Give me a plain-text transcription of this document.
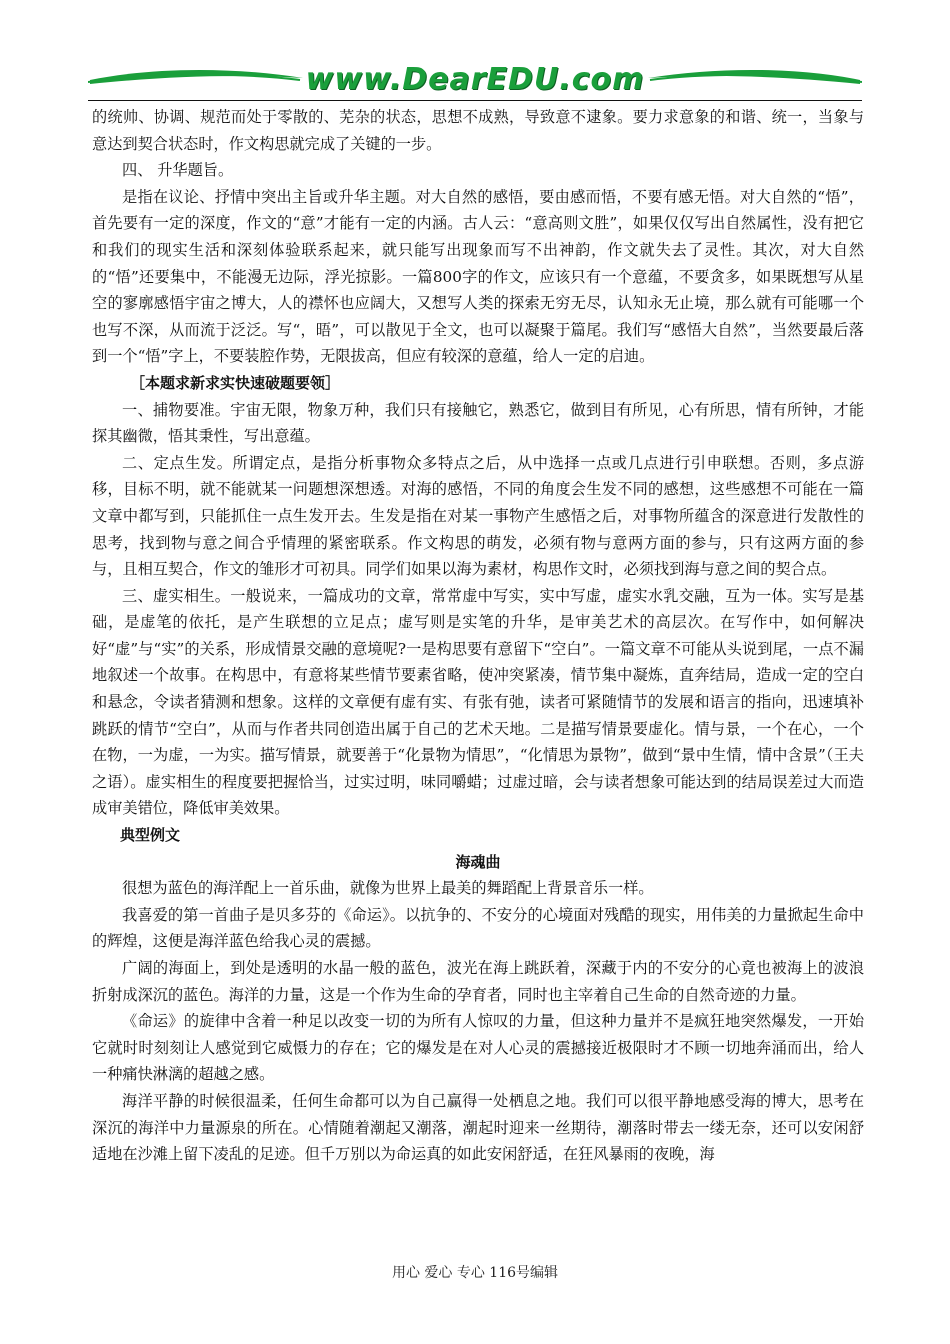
www.DearEDU.com

的统帅、协调、规范而处于零散的、芜杂的状态，思想不成熟，导致意不逮象。要力求意象的和谐、统一，当象与意达到契合状态时，作文构思就完成了关键的一步。

四、 升华题旨。

是指在议论、抒情中突出主旨或升华主题。对大自然的感悟，要由感而悟，不要有感无悟。对大自然的“悟”，首先要有一定的深度，作文的“意”才能有一定的内涵。古人云：“意高则文胜”，如果仅仅写出自然属性，没有把它和我们的现实生活和深刻体验联系起来，就只能写出现象而写不出神韵，作文就失去了灵性。其次，对大自然的“悟”还要集中，不能漫无边际，浮光掠影。一篇800字的作文，应该只有一个意蕴，不要贪多，如果既想写从星空的寥廓感悟宇宙之博大，人的襟怀也应阔大，又想写人类的探索无穷无尽，认知永无止境，那么就有可能哪一个也写不深，从而流于泛泛。写“，晤”，可以散见于全文，也可以凝聚于篇尾。我们写“感悟大自然”，当然要最后落到一个“悟”字上，不要装腔作势，无限拔高，但应有较深的意蕴，给人一定的启迪。

［本题求新求实快速破题要领］

一、捕物要准。宇宙无限，物象万种，我们只有接触它，熟悉它，做到目有所见，心有所思，情有所钟，才能探其幽微，悟其秉性，写出意蕴。

二、定点生发。所谓定点，是指分析事物众多特点之后，从中选择一点或几点进行引申联想。否则，多点游移，目标不明，就不能就某一问题想深想透。对海的感悟，不同的角度会生发不同的感想，这些感想不可能在一篇文章中都写到，只能抓住一点生发开去。生发是指在对某一事物产生感悟之后，对事物所蕴含的深意进行发散性的思考，找到物与意之间合乎情理的紧密联系。作文构思的萌发，必须有物与意两方面的参与，只有这两方面的参与，且相互契合，作文的雏形才可初具。同学们如果以海为素材，构思作文时，必须找到海与意之间的契合点。

三、虚实相生。一般说来，一篇成功的文章，常常虚中写实，实中写虚，虚实水乳交融，互为一体。实写是基础，是虚笔的依托，是产生联想的立足点；虚写则是实笔的升华，是审美艺术的高层次。在写作中，如何解决好“虚”与“实”的关系，形成情景交融的意境呢?一是构思要有意留下“空白”。一篇文章不可能从头说到尾，一点不漏地叙述一个故事。在构思中，有意将某些情节要素省略，使冲突紧凑，情节集中凝炼，直奔结局，造成一定的空白和悬念，令读者猜测和想象。这样的文章便有虚有实、有张有弛，读者可紧随情节的发展和语言的指向，迅速填补跳跃的情节“空白”，从而与作者共同创造出属于自己的艺术天地。二是描写情景要虚化。情与景，一个在心，一个在物，一为虚，一为实。描写情景，就要善于“化景物为情思”，“化情思为景物”，做到“景中生情，情中含景”（王夫之语）。虚实相生的程度要把握恰当，过实过明，味同嚼蜡；过虚过暗，会与读者想象可能达到的结局误差过大而造成审美错位，降低审美效果。

典型例文

海魂曲

很想为蓝色的海洋配上一首乐曲，就像为世界上最美的舞蹈配上背景音乐一样。

我喜爱的第一首曲子是贝多芬的《命运》。以抗争的、不安分的心境面对残酷的现实，用伟美的力量掀起生命中的辉煌，这便是海洋蓝色给我心灵的震撼。

广阔的海面上，到处是透明的水晶一般的蓝色，波光在海上跳跃着，深藏于内的不安分的心竟也被海上的波浪折射成深沉的蓝色。海洋的力量，这是一个作为生命的孕育者，同时也主宰着自己生命的自然奇迹的力量。

《命运》的旋律中含着一种足以改变一切的为所有人惊叹的力量，但这种力量并不是疯狂地突然爆发，一开始它就时时刻刻让人感觉到它威慑力的存在；它的爆发是在对人心灵的震撼接近极限时才不顾一切地奔涌而出，给人一种痛快淋漓的超越之感。

海洋平静的时候很温柔，任何生命都可以为自己赢得一处栖息之地。我们可以很平静地感受海的博大，思考在深沉的海洋中力量源泉的所在。心情随着潮起又潮落，潮起时迎来一丝期待，潮落时带去一缕无奈，还可以安闲舒适地在沙滩上留下凌乱的足迹。但千万别以为命运真的如此安闲舒适，在狂风暴雨的夜晚，海

用心 爱心 专心 116号编辑
